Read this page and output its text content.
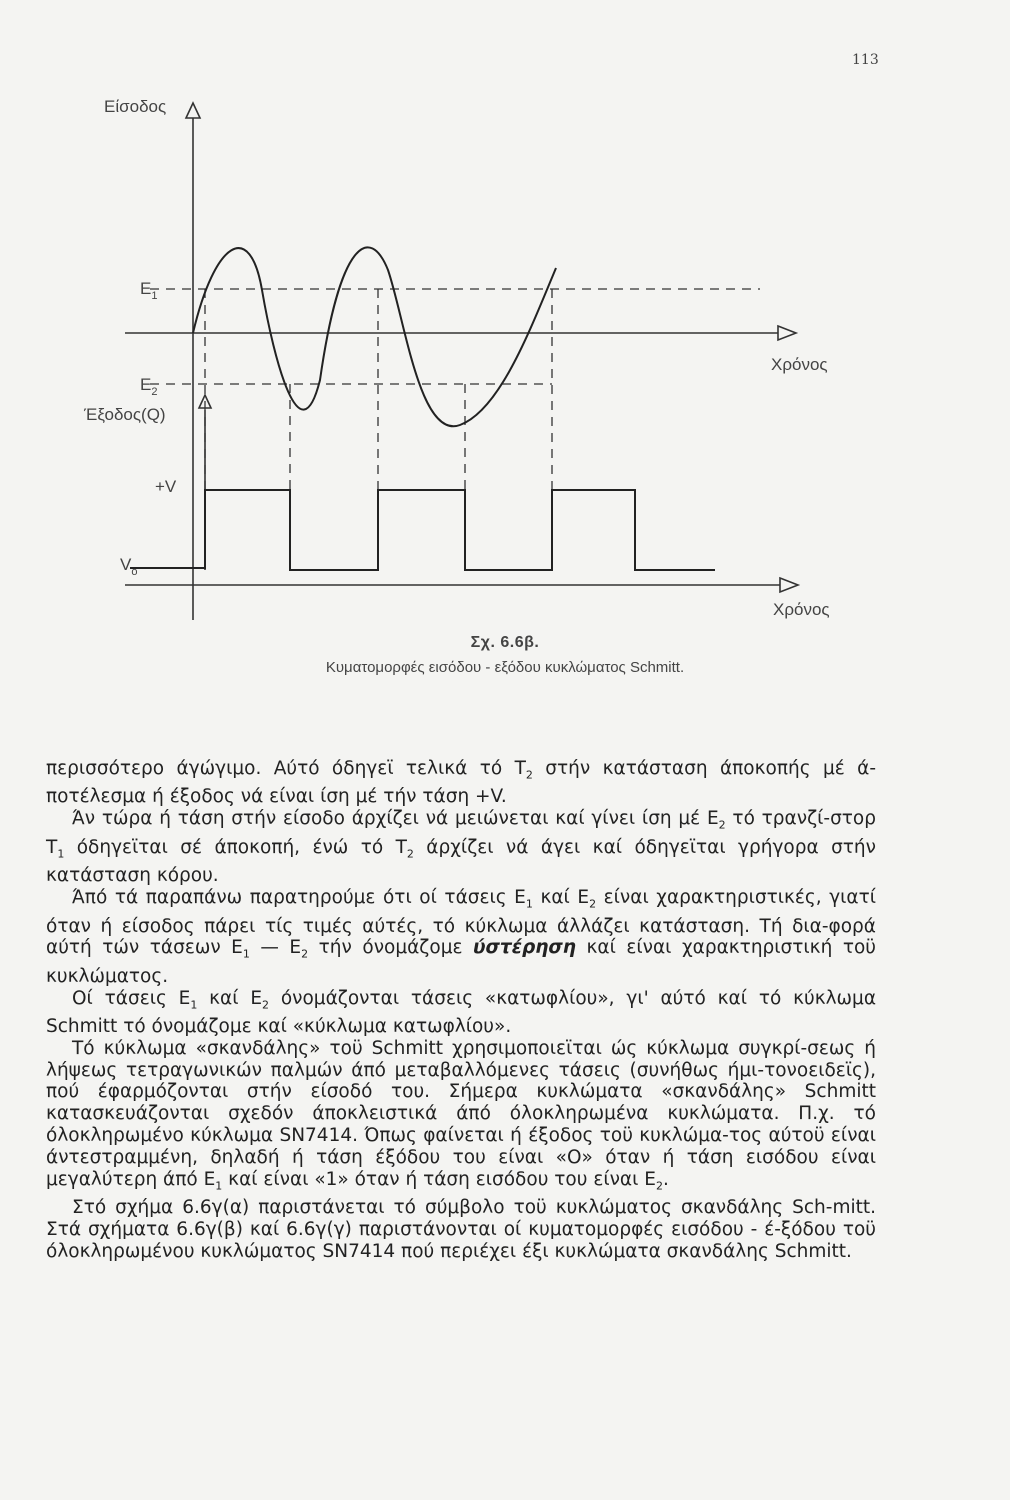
113
Είσοδος
$E_1$
$E_2$
Έξοδος(Q)
+V
$V_o$
Χρόνος
Χρόνος
Σχ. 6.6β.
Κυματομορφές εισόδου - εξόδου κυκλώματος Schmitt.

περισσότερο άγώγιμο. Αύτό όδηγεϊ τελικά τό $T_2$ στήν κατάσταση άποκοπής μέ ά-ποτέλεσμα ή έξοδος νά είναι ίση μέ τήν τάση +V.

Άν τώρα ή τάση στήν είσοδο άρχίζει νά μειώνεται καί γίνει ίση μέ $E_2$ τό τρανζί-στορ $T_1$ όδηγεϊται σέ άποκοπή, ένώ τό $T_2$ άρχίζει νά άγει καί όδηγεϊται γρήγορα στήν κατάσταση κόρου.

Άπό τά παραπάνω παρατηρούμε ότι οί τάσεις $E_1$ καί $E_2$ είναι χαρακτηριστικές, γιατί όταν ή είσοδος πάρει τίς τιμές αύτές, τό κύκλωμα άλλάζει κατάσταση. Τή δια-φορά αύτή τών τάσεων $E_1$ — $E_2$ τήν όνομάζομε ύστέρηση καί είναι χαρακτηριστική τοϋ κυκλώματος.

Οί τάσεις $E_1$ καί $E_2$ όνομάζονται τάσεις «κατωφλίου», γι' αύτό καί τό κύκλωμα Schmitt τό όνομάζομε καί «κύκλωμα κατωφλίου».

Τό κύκλωμα «σκανδάλης» τοϋ Schmitt χρησιμοποιεϊται ώς κύκλωμα συγκρί-σεως ή λήψεως τετραγωνικών παλμών άπό μεταβαλλόμενες τάσεις (συνήθως ήμι-τονοειδεϊς), πού έφαρμόζονται στήν είσοδό του. Σήμερα κυκλώματα «σκανδάλης» Schmitt κατασκευάζονται σχεδόν άποκλειστικά άπό όλοκληρωμένα κυκλώματα. Π.χ. τό όλοκληρωμένο κύκλωμα SN7414. Όπως φαίνεται ή έξοδος τοϋ κυκλώμα-τος αύτοϋ είναι άντεστραμμένη, δηλαδή ή τάση έξόδου του είναι «Ο» όταν ή τάση εισόδου είναι μεγαλύτερη άπό $E_1$ καί είναι «1» όταν ή τάση εισόδου του είναι $E_2$.

Στό σχήμα 6.6γ(α) παριστάνεται τό σύμβολο τοϋ κυκλώματος σκανδάλης Sch-mitt. Στά σχήματα 6.6γ(β) καί 6.6γ(γ) παριστάνονται οί κυματομορφές εισόδου - έ-ξόδου τοϋ όλοκληρωμένου κυκλώματος SN7414 πού περιέχει έξι κυκλώματα σκανδάλης Schmitt.
